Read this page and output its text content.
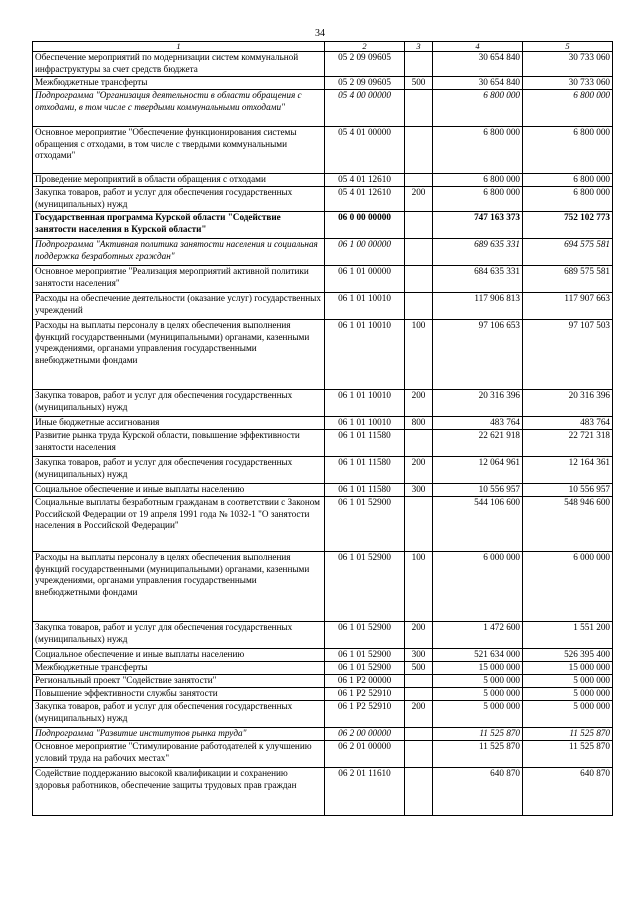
34
1	2	3	4	5
Обеспечение мероприятий по модернизации систем коммунальной инфраструктуры за счет средств бюджета	05 2 09 09605		30 654 840	30 733 060
Межбюджетные трансферты	05 2 09 09605	500	30 654 840	30 733 060
Подпрограмма "Организация деятельности в области обращения с отходами, в том числе с твердыми коммунальными отходами"	05 4 00 00000		6 800 000	6 800 000
Основное мероприятие "Обеспечение функционирования системы обращения с отходами, в том числе с твердыми коммунальными отходами"	05 4 01 00000		6 800 000	6 800 000
Проведение мероприятий в области обращения с отходами	05 4 01 12610		6 800 000	6 800 000
Закупка товаров, работ и услуг для обеспечения государственных (муниципальных) нужд	05 4 01 12610	200	6 800 000	6 800 000
Государственная программа Курской области "Содействие занятости населения в Курской области"	06 0 00 00000		747 163 373	752 102 773
Подпрограмма "Активная политика занятости населения и социальная поддержка безработных граждан"	06 1 00 00000		689 635 331	694 575 581
Основное мероприятие "Реализация мероприятий активной политики занятости населения"	06 1 01 00000		684 635 331	689 575 581
Расходы на обеспечение деятельности (оказание услуг) государственных учреждений	06 1 01 10010		117 906 813	117 907 663
Расходы на выплаты персоналу в целях обеспечения выполнения функций государственными (муниципальными) органами, казенными учреждениями, органами управления государственными внебюджетными фондами	06 1 01 10010	100	97 106 653	97 107 503
Закупка товаров, работ и услуг для обеспечения государственных (муниципальных) нужд	06 1 01 10010	200	20 316 396	20 316 396
Иные бюджетные ассигнования	06 1 01 10010	800	483 764	483 764
Развитие рынка труда Курской области, повышение эффективности занятости населения	06 1 01 11580		22 621 918	22 721 318
Закупка товаров, работ и услуг для обеспечения государственных (муниципальных) нужд	06 1 01 11580	200	12 064 961	12 164 361
Социальное обеспечение и иные выплаты населению	06 1 01 11580	300	10 556 957	10 556 957
Социальные выплаты безработным гражданам в соответствии с Законом Российской Федерации от 19 апреля 1991 года № 1032-1 "О занятости населения в Российской Федерации"	06 1 01 52900		544 106 600	548 946 600
Расходы на выплаты персоналу в целях обеспечения выполнения функций государственными (муниципальными) органами, казенными учреждениями, органами управления государственными внебюджетными фондами	06 1 01 52900	100	6 000 000	6 000 000
Закупка товаров, работ и услуг для обеспечения государственных (муниципальных) нужд	06 1 01 52900	200	1 472 600	1 551 200
Социальное обеспечение и иные выплаты населению	06 1 01 52900	300	521 634 000	526 395 400
Межбюджетные трансферты	06 1 01 52900	500	15 000 000	15 000 000
Региональный проект "Содействие занятости"	06 1 P2 00000		5 000 000	5 000 000
Повышение эффективности службы занятости	06 1 P2 52910		5 000 000	5 000 000
Закупка товаров, работ и услуг для обеспечения государственных (муниципальных) нужд	06 1 P2 52910	200	5 000 000	5 000 000
Подпрограмма "Развитие институтов рынка труда"	06 2 00 00000		11 525 870	11 525 870
Основное мероприятие "Стимулирование работодателей к улучшению условий труда на рабочих местах"	06 2 01 00000		11 525 870	11 525 870
Содействие поддержанию высокой квалификации и сохранению здоровья работников, обеспечение защиты трудовых прав граждан	06 2 01 11610		640 870	640 870
